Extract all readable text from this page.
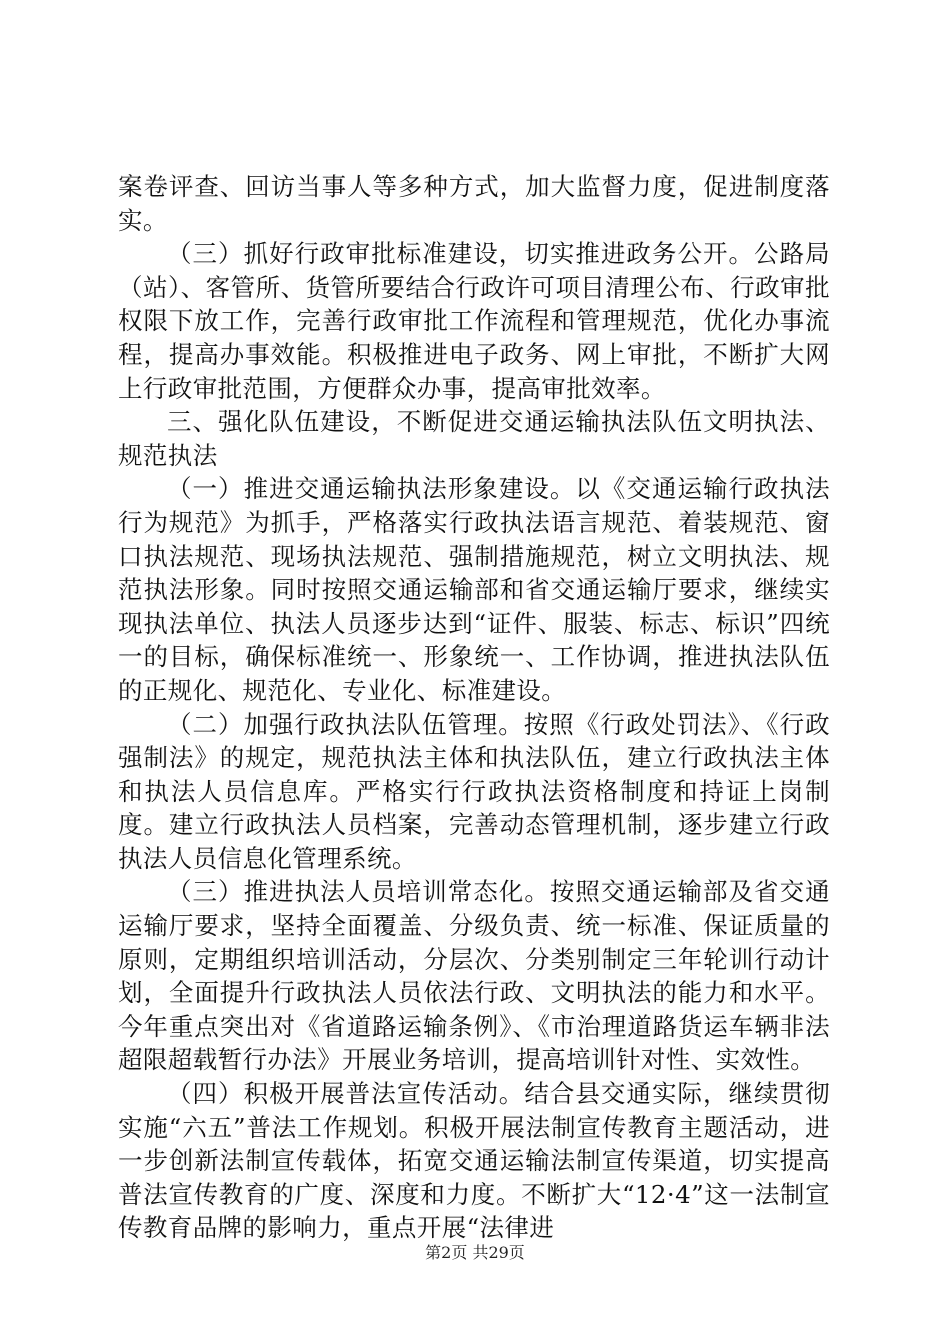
案卷评查、回访当事人等多种方式，加大监督力度，促进制度落实。

（三）抓好行政审批标准建设，切实推进政务公开。公路局（站）、客管所、货管所要结合行政许可项目清理公布、行政审批权限下放工作，完善行政审批工作流程和管理规范，优化办事流程，提高办事效能。积极推进电子政务、网上审批，不断扩大网上行政审批范围，方便群众办事，提高审批效率。

三、强化队伍建设，不断促进交通运输执法队伍文明执法、规范执法

（一）推进交通运输执法形象建设。以《交通运输行政执法行为规范》为抓手，严格落实行政执法语言规范、着装规范、窗口执法规范、现场执法规范、强制措施规范，树立文明执法、规范执法形象。同时按照交通运输部和省交通运输厅要求，继续实现执法单位、执法人员逐步达到“证件、服装、标志、标识”四统一的目标，确保标准统一、形象统一、工作协调，推进执法队伍的正规化、规范化、专业化、标准建设。

（二）加强行政执法队伍管理。按照《行政处罚法》、《行政强制法》的规定，规范执法主体和执法队伍，建立行政执法主体和执法人员信息库。严格实行行政执法资格制度和持证上岗制度。建立行政执法人员档案，完善动态管理机制，逐步建立行政执法人员信息化管理系统。

（三）推进执法人员培训常态化。按照交通运输部及省交通运输厅要求，坚持全面覆盖、分级负责、统一标准、保证质量的原则，定期组织培训活动，分层次、分类别制定三年轮训行动计划，全面提升行政执法人员依法行政、文明执法的能力和水平。今年重点突出对《省道路运输条例》、《市治理道路货运车辆非法超限超载暂行办法》开展业务培训，提高培训针对性、实效性。

（四）积极开展普法宣传活动。结合县交通实际，继续贯彻实施“六五”普法工作规划。积极开展法制宣传教育主题活动，进一步创新法制宣传载体，拓宽交通运输法制宣传渠道，切实提高普法宣传教育的广度、深度和力度。不断扩大“12·4”这一法制宣传教育品牌的影响力，重点开展“法律进

第2页 共29页
